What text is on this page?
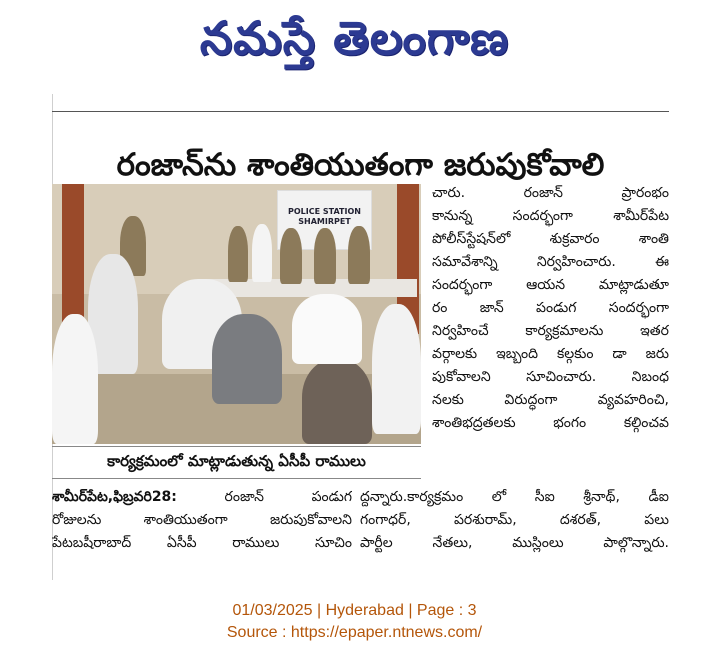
నమస్తే తెలంగాణ
రంజాన్‌ను శాంతియుతంగా జరుపుకోవాలి
POLICE STATION SHAMIRPET
కార్యక్రమంలో మాట్లాడుతున్న ఏసీపీ రాములు
చారు. రంజాన్ ప్రారంభం
కానున్న సందర్భంగా శామీర్‌పేట
పోలీస్‌స్టేషన్‌లో శుక్రవారం శాంతి
సమావేశాన్ని నిర్వహించారు. ఈ
సందర్భంగా ఆయన మాట్లాడుతూ
రం జాన్ పండుగ సందర్భంగా
నిర్వహించే కార్యక్రమాలను ఇతర
వర్గాలకు ఇబ్బంది కల్గకుం డా జరు
పుకోవాలని సూచించారు. నిబంధ
నలకు విరుద్ధంగా వ్యవహరించి,
శాంతిభద్రతలకు భంగం కల్గించవ
శామీర్‌పేట,ఫిబ్రవరి28: రంజాన్ పండుగ
రోజులను శాంతియుతంగా జరుపుకోవాలని
పేటబషీరాబాద్ ఏసీపీ రాములు సూచిం
ద్దన్నారు.కార్యక్రమం లో సీఐ శ్రీనాథ్, డీఐ
గంగాధర్, పరశురామ్, దశరత్, పలు
పార్టీల నేతలు, ముస్లింలు పాల్గొన్నారు.
01/03/2025 | Hyderabad | Page : 3
Source : https://epaper.ntnews.com/
